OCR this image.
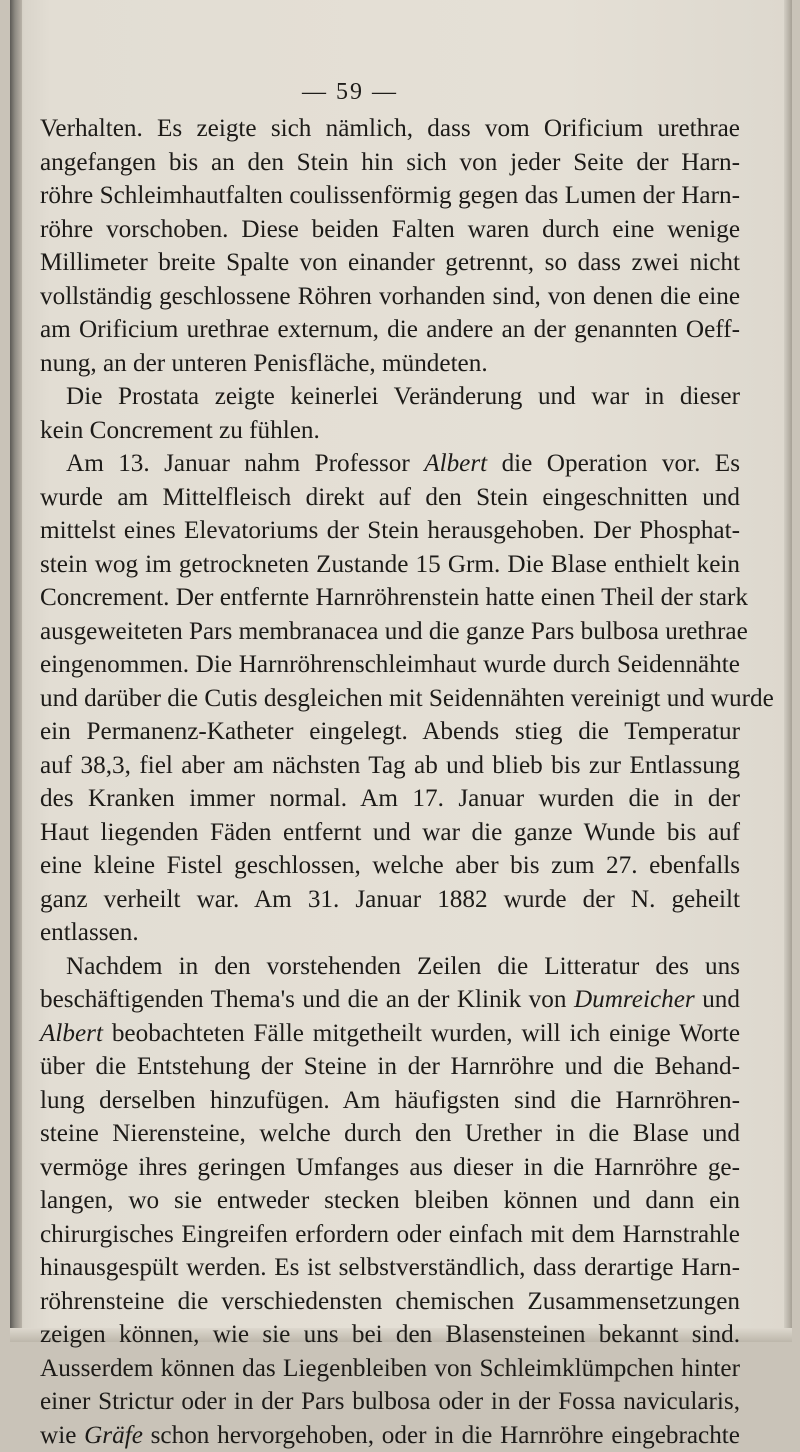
— 59 —
Verhalten. Es zeigte sich nämlich, dass vom Orificium urethrae
angefangen bis an den Stein hin sich von jeder Seite der Harn-
röhre Schleimhautfalten coulissenförmig gegen das Lumen der Harn-
röhre vorschoben. Diese beiden Falten waren durch eine wenige
Millimeter breite Spalte von einander getrennt, so dass zwei nicht
vollständig geschlossene Röhren vorhanden sind, von denen die eine
am Orificium urethrae externum, die andere an der genannten Oeff-
nung, an der unteren Penisfläche, mündeten.
Die Prostata zeigte keinerlei Veränderung und war in dieser
kein Concrement zu fühlen.
Am 13. Januar nahm Professor Albert die Operation vor. Es
wurde am Mittelfleisch direkt auf den Stein eingeschnitten und
mittelst eines Elevatoriums der Stein herausgehoben. Der Phosphat-
stein wog im getrockneten Zustande 15 Grm. Die Blase enthielt kein
Concrement. Der entfernte Harnröhrenstein hatte einen Theil der stark
ausgeweiteten Pars membranacea und die ganze Pars bulbosa urethrae
eingenommen. Die Harnröhrenschleimhaut wurde durch Seidennähte
und darüber die Cutis desgleichen mit Seidennähten vereinigt und wurde
ein Permanenz-Katheter eingelegt. Abends stieg die Temperatur
auf 38,3, fiel aber am nächsten Tag ab und blieb bis zur Entlassung
des Kranken immer normal. Am 17. Januar wurden die in der
Haut liegenden Fäden entfernt und war die ganze Wunde bis auf
eine kleine Fistel geschlossen, welche aber bis zum 27. ebenfalls
ganz verheilt war. Am 31. Januar 1882 wurde der N. geheilt
entlassen.
Nachdem in den vorstehenden Zeilen die Litteratur des uns
beschäftigenden Thema's und die an der Klinik von Dumreicher und
Albert beobachteten Fälle mitgetheilt wurden, will ich einige Worte
über die Entstehung der Steine in der Harnröhre und die Behand-
lung derselben hinzufügen. Am häufigsten sind die Harnröhren-
steine Nierensteine, welche durch den Urether in die Blase und
vermöge ihres geringen Umfanges aus dieser in die Harnröhre ge-
langen, wo sie entweder stecken bleiben können und dann ein
chirurgisches Eingreifen erfordern oder einfach mit dem Harnstrahle
hinausgespült werden. Es ist selbstverständlich, dass derartige Harn-
röhrensteine die verschiedensten chemischen Zusammensetzungen
zeigen können, wie sie uns bei den Blasensteinen bekannt sind.
Ausserdem können das Liegenbleiben von Schleimklümpchen hinter
einer Strictur oder in der Pars bulbosa oder in der Fossa navicularis,
wie Gräfe schon hervorgehoben, oder in die Harnröhre eingebrachte
